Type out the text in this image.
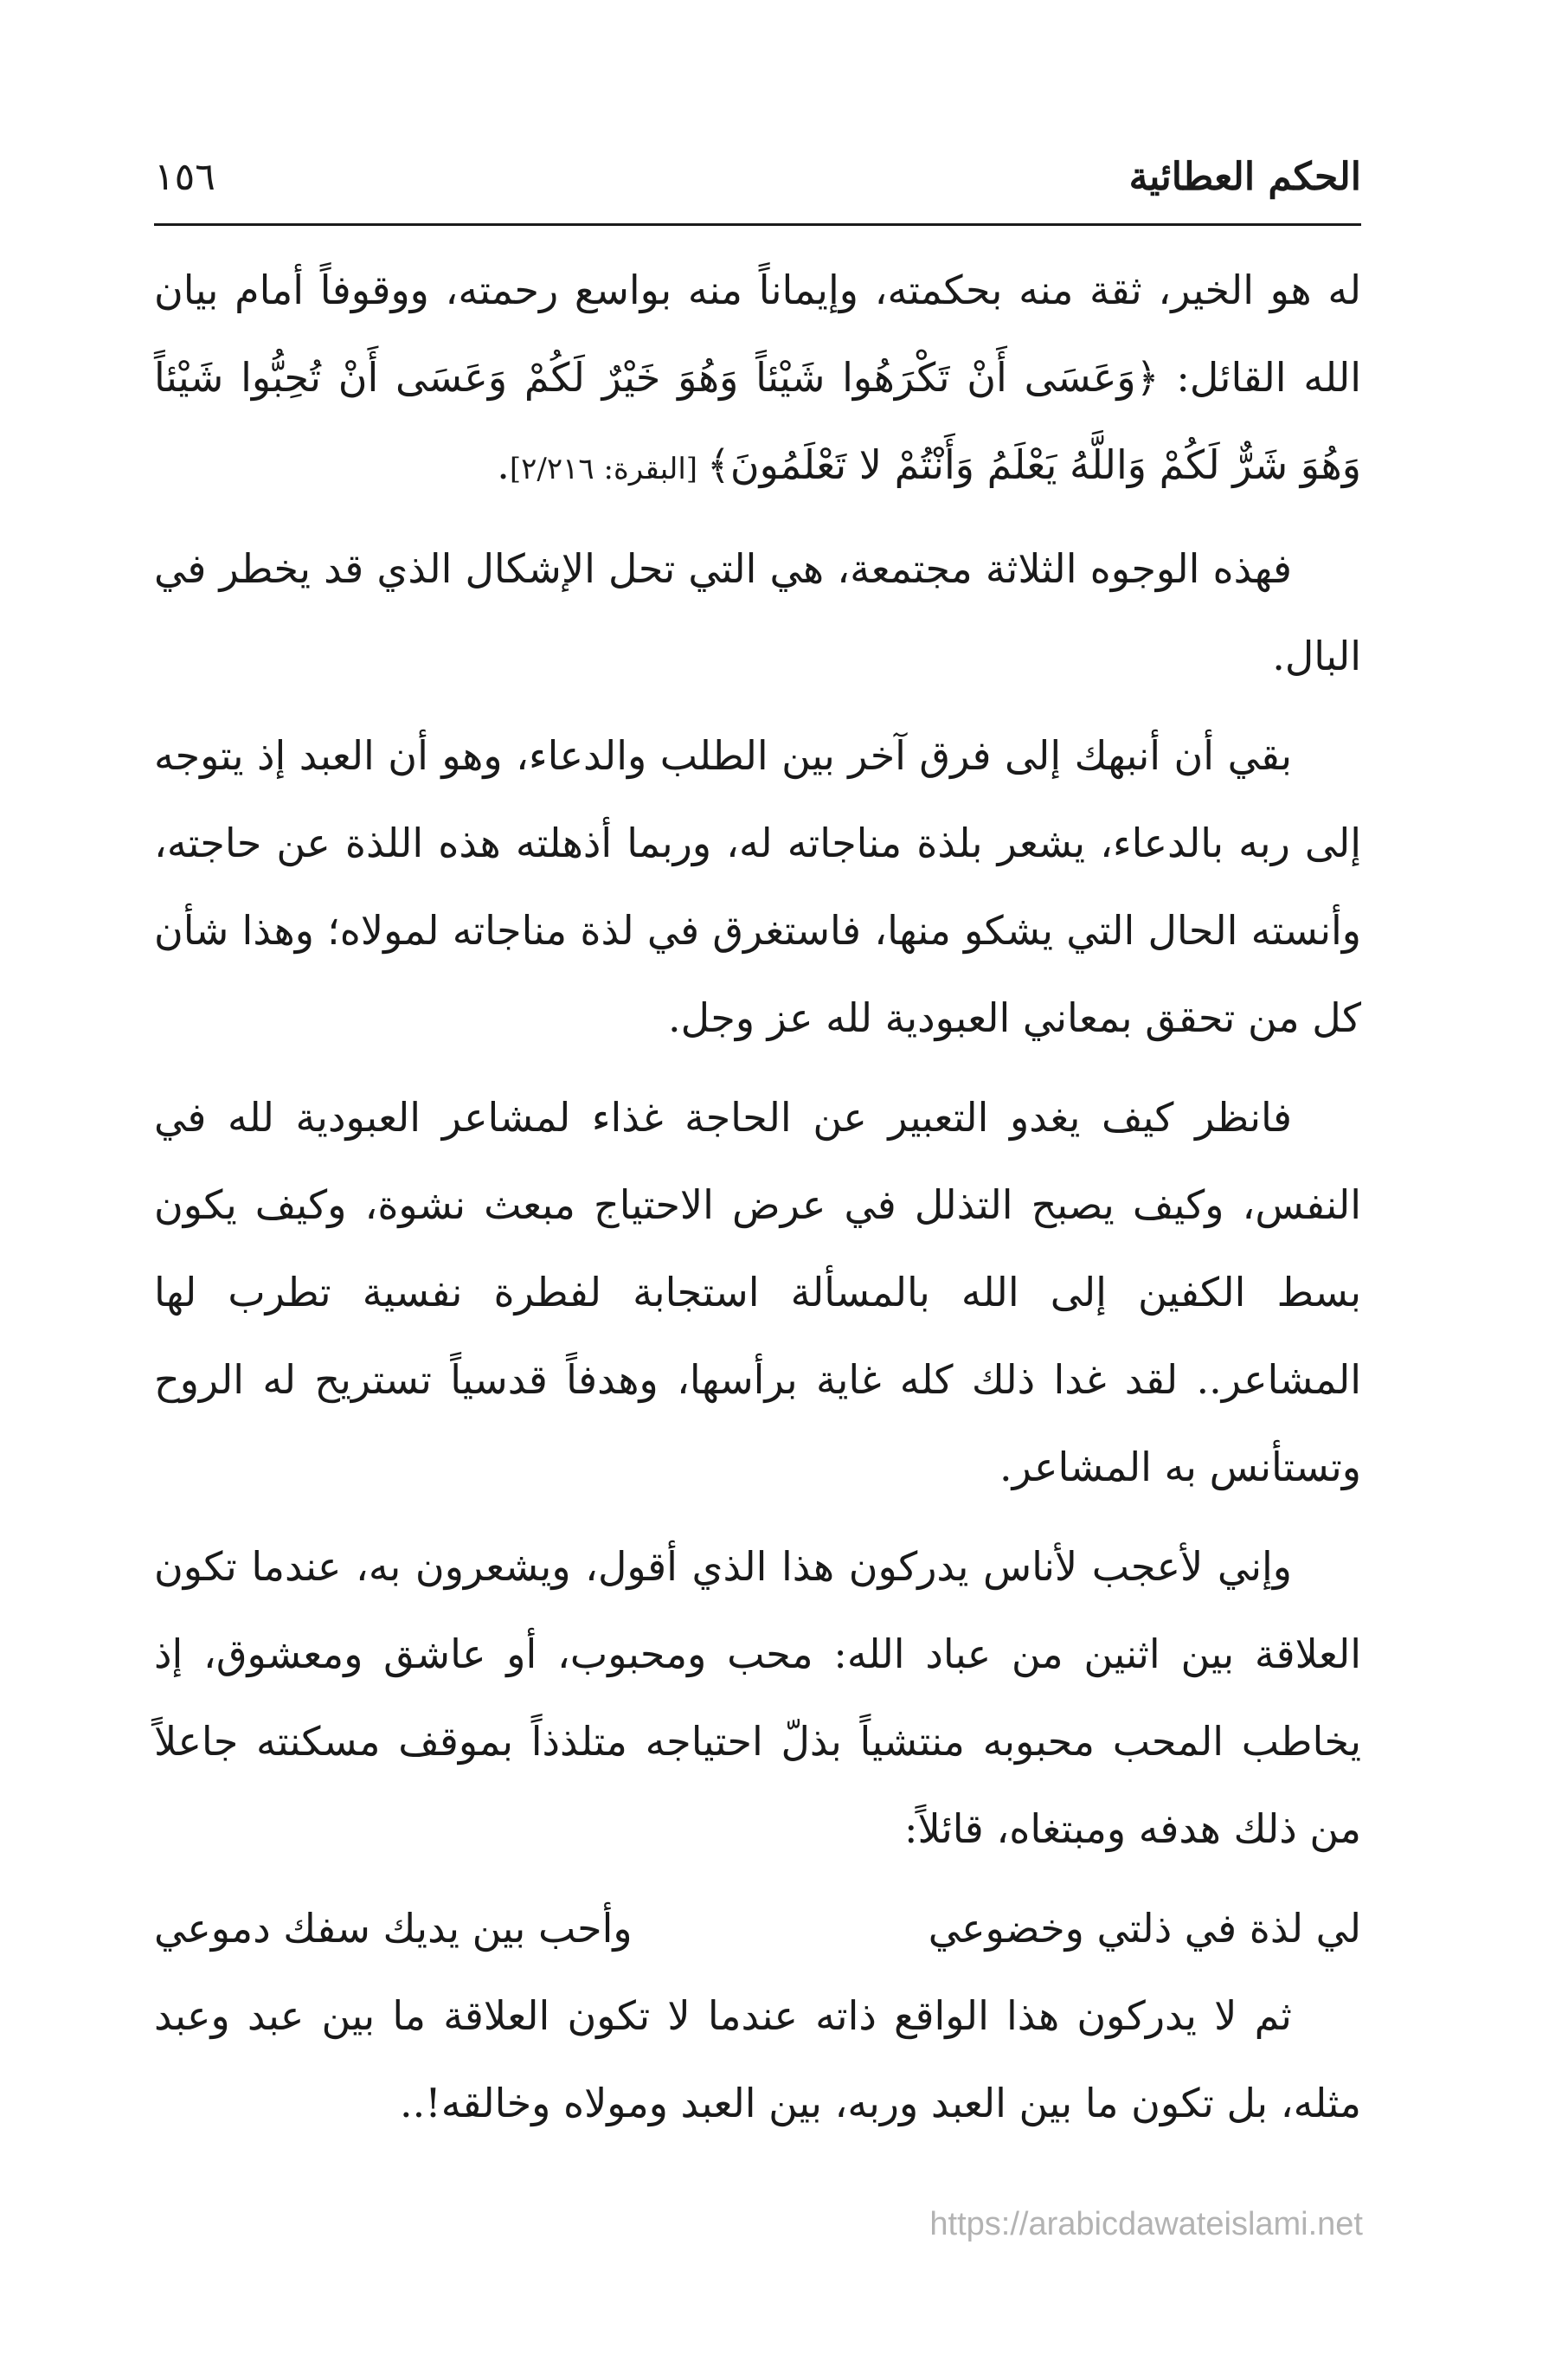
الحكم العطائية
١٥٦

له هو الخير، ثقة منه بحكمته، وإيماناً منه بواسع رحمته، ووقوفاً أمام بيان الله القائل: ﴿وَعَسَى أَنْ تَكْرَهُوا شَيْئاً وَهُوَ خَيْرٌ لَكُمْ وَعَسَى أَنْ تُحِبُّوا شَيْئاً وَهُوَ شَرٌّ لَكُمْ وَاللَّهُ يَعْلَمُ وَأَنْتُمْ لا تَعْلَمُونَ﴾ [البقرة: ٢/٢١٦].

فهذه الوجوه الثلاثة مجتمعة، هي التي تحل الإشكال الذي قد يخطر في البال.

بقي أن أنبهك إلى فرق آخر بين الطلب والدعاء، وهو أن العبد إذ يتوجه إلى ربه بالدعاء، يشعر بلذة مناجاته له، وربما أذهلته هذه اللذة عن حاجته، وأنسته الحال التي يشكو منها، فاستغرق في لذة مناجاته لمولاه؛ وهذا شأن كل من تحقق بمعاني العبودية لله عز وجل.

فانظر كيف يغدو التعبير عن الحاجة غذاء لمشاعر العبودية لله في النفس، وكيف يصبح التذلل في عرض الاحتياج مبعث نشوة، وكيف يكون بسط الكفين إلى الله بالمسألة استجابة لفطرة نفسية تطرب لها المشاعر.. لقد غدا ذلك كله غاية برأسها، وهدفاً قدسياً تستريح له الروح وتستأنس به المشاعر.

وإني لأعجب لأناس يدركون هذا الذي أقول، ويشعرون به، عندما تكون العلاقة بين اثنين من عباد الله: محب ومحبوب، أو عاشق ومعشوق، إذ يخاطب المحب محبوبه منتشياً بذلّ احتياجه متلذذاً بموقف مسكنته جاعلاً من ذلك هدفه ومبتغاه، قائلاً:

لي لذة في ذلتي وخضوعي
وأحب بين يديك سفك دموعي

ثم لا يدركون هذا الواقع ذاته عندما لا تكون العلاقة ما بين عبد وعبد مثله، بل تكون ما بين العبد وربه، بين العبد ومولاه وخالقه!..

https://arabicdawateislami.net
